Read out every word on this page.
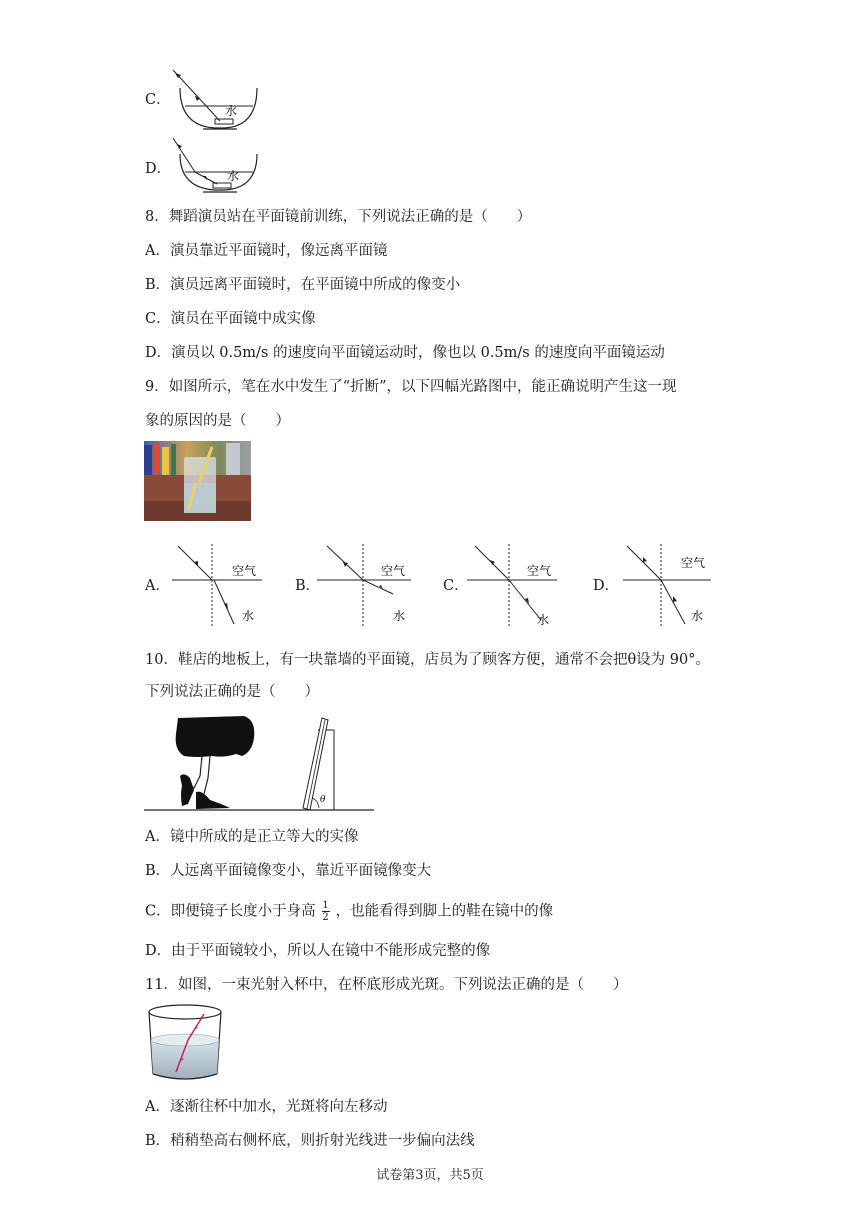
C．
水
D．	水
8．舞蹈演员站在平面镜前训练，下列说法正确的是（　　）
A．演员靠近平面镜时，像远离平面镜
B．演员远离平面镜时，在平面镜中所成的像变小
C．演员在平面镜中成实像
D．演员以 0.5m/s 的速度向平面镜运动时，像也以 0.5m/s 的速度向平面镜运动
9．如图所示，笔在水中发生了“折断”，以下四幅光路图中，能正确说明产生这一现
象的原因的是（　　）
A．
空气
水
B．
空气
水
C．
空气
水
D．
空气
水
10．鞋店的地板上，有一块靠墙的平面镜，店员为了顾客方便，通常不会把θ设为 90°。
下列说法正确的是（　　）
θ
A．镜中所成的是正立等大的实像
B．人远离平面镜像变小，靠近平面镜像变大
C．即便镜子长度小于身高 $\frac{1}{2}$ ，也能看得到脚上的鞋在镜中的像
D．由于平面镜较小，所以人在镜中不能形成完整的像
11．如图，一束光射入杯中，在杯底形成光斑。下列说法正确的是（　　）
A．逐渐往杯中加水，光斑将向左移动
B．稍稍垫高右侧杯底，则折射光线进一步偏向法线
试卷第3页，共5页
